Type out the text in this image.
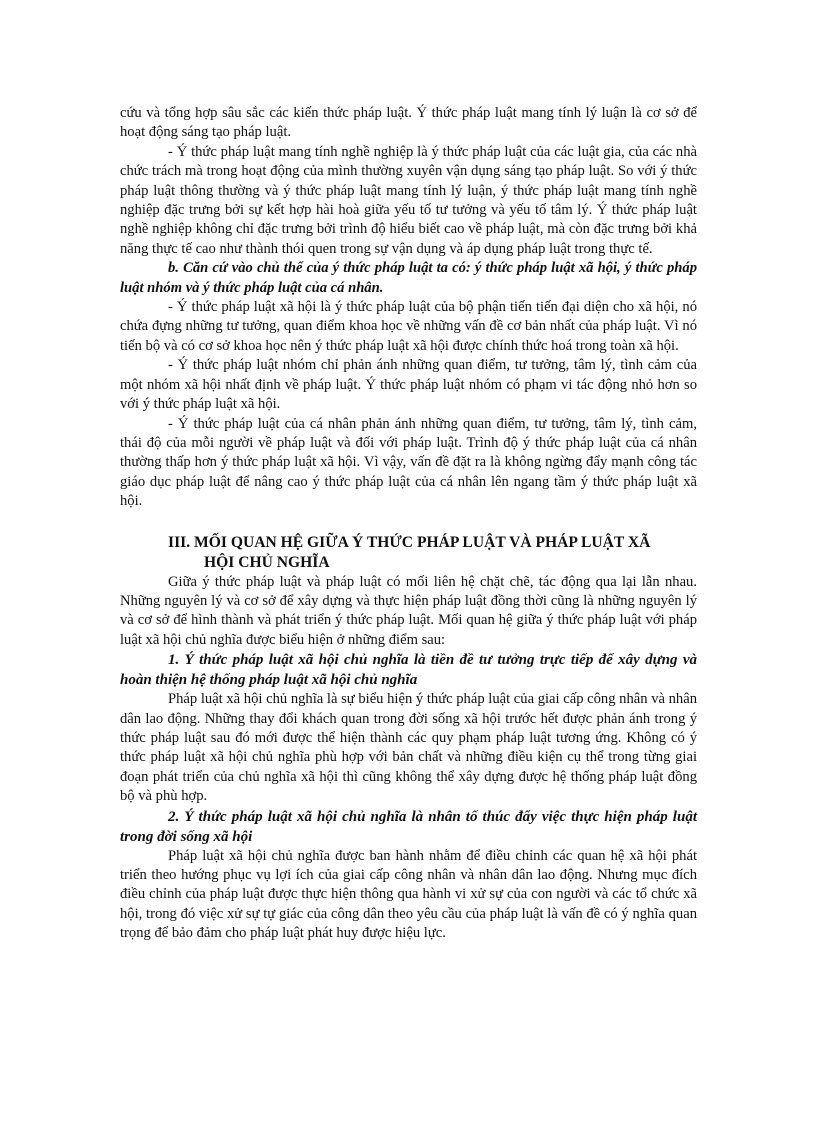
cứu và tổng hợp sâu sắc các kiến thức pháp luật. Ý thức pháp luật mang tính lý luận là cơ sở để hoạt động sáng tạo pháp luật.

- Ý thức pháp luật mang tính nghề nghiệp là ý thức pháp luật của các luật gia, của các nhà chức trách mà trong hoạt động của mình thường xuyên vận dụng sáng tạo pháp luật. So với ý thức pháp luật thông thường và ý thức pháp luật mang tính lý luận, ý thức pháp luật mang tính nghề nghiệp đặc trưng bởi sự kết hợp hài hoà giữa yếu tố tư tưởng và yếu tố tâm lý. Ý thức pháp luật nghề nghiệp không chỉ đặc trưng bởi trình độ hiểu biết cao về pháp luật, mà còn đặc trưng bởi khả năng thực tế cao như thành thói quen trong sự vận dụng và áp dụng pháp luật trong thực tế.

b. Căn cứ vào chủ thể của ý thức pháp luật ta có: ý thức pháp luật xã hội, ý thức pháp luật nhóm và ý thức pháp luật của cá nhân.

- Ý thức pháp luật xã hội là ý thức pháp luật của bộ phận tiến tiến đại diện cho xã hội, nó chứa đựng những tư tưởng, quan điểm khoa học về những vấn đề cơ bản nhất của pháp luật. Vì nó tiến bộ và có cơ sở khoa học nên ý thức pháp luật xã hội được chính thức hoá trong toàn xã hội.

- Ý thức pháp luật nhóm chỉ phản ánh những quan điểm, tư tưởng, tâm lý, tình cảm của một nhóm xã hội nhất định về pháp luật. Ý thức pháp luật nhóm có phạm vi tác động nhỏ hơn so với ý thức pháp luật xã hội.

- Ý thức pháp luật của cá nhân phản ánh những quan điểm, tư tưởng, tâm lý, tình cảm, thái độ của mỗi người về pháp luật và đối với pháp luật. Trình độ ý thức pháp luật của cá nhân thường thấp hơn ý thức pháp luật xã hội. Vì vậy, vấn đề đặt ra là không ngừng đẩy mạnh công tác giáo dục pháp luật để nâng cao ý thức pháp luật của cá nhân lên ngang tầm ý thức pháp luật xã hội.

III. MỐI QUAN HỆ GIỮA Ý THỨC PHÁP LUẬT VÀ PHÁP LUẬT XÃ
HỘI CHỦ NGHĨA

Giữa ý thức pháp luật và pháp luật có mối liên hệ chặt chẽ, tác động qua lại lẫn nhau. Những nguyên lý và cơ sở để xây dựng và thực hiện pháp luật đồng thời cũng là những nguyên lý và cơ sở để hình thành và phát triển ý thức pháp luật. Mối quan hệ giữa ý thức pháp luật với pháp luật xã hội chủ nghĩa được biểu hiện ở những điểm sau:

1. Ý thức pháp luật xã hội chủ nghĩa là tiền đề tư tưởng trực tiếp để xây dựng và hoàn thiện hệ thống pháp luật xã hội chủ nghĩa

Pháp luật xã hội chủ nghĩa là sự biểu hiện ý thức pháp luật của giai cấp công nhân và nhân dân lao động. Những thay đổi khách quan trong đời sống xã hội trước hết được phản ánh trong ý thức pháp luật sau đó mới được thể hiện thành các quy phạm pháp luật tương ứng. Không có ý thức pháp luật xã hội chủ nghĩa phù hợp với bản chất và những điều kiện cụ thể trong từng giai đoạn phát triển của chủ nghĩa xã hội thì cũng không thể xây dựng được hệ thống pháp luật đồng bộ và phù hợp.

2. Ý thức pháp luật xã hội chủ nghĩa là nhân tố thúc đẩy việc thực hiện pháp luật trong đời sống xã hội

Pháp luật xã hội chủ nghĩa được ban hành nhằm để điều chỉnh các quan hệ xã hội phát triển theo hướng phục vụ lợi ích của giai cấp công nhân và nhân dân lao động. Nhưng mục đích điều chỉnh của pháp luật được thực hiện thông qua hành vi xử sự của con người và các tổ chức xã hội, trong đó việc xử sự tự giác của công dân theo yêu cầu của pháp luật là vấn đề có ý nghĩa quan trọng để bảo đảm cho pháp luật phát huy được hiệu lực.
